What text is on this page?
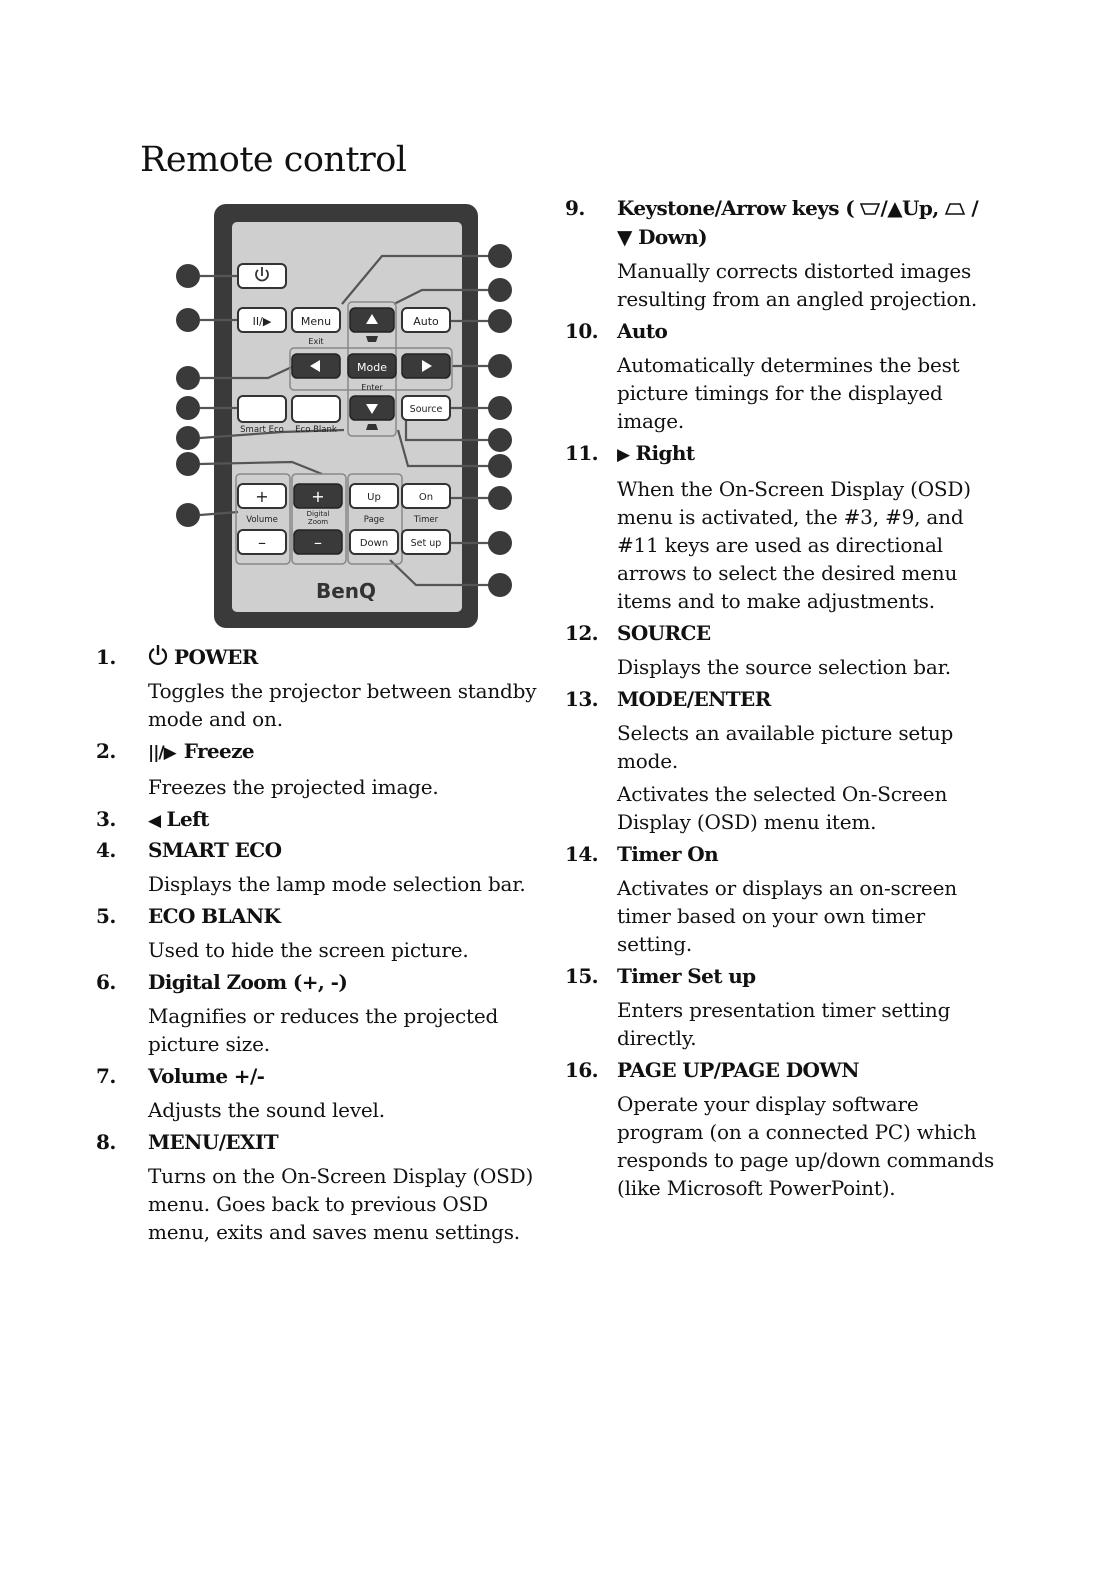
Remote control
II/▶	Menu
Exit
Auto
Mode
Enter
Smart Eco Eco Blank
Source
+
Volume
–
+
Digital
Zoom
–
Up
Page
Down
On
Timer
Set up
BenQ
1.	POWER

Toggles the projector between standby mode and on.

2.	||/▶ Freeze

Freezes the projected image.

3.	◀ Left
4.	SMART ECO

Displays the lamp mode selection bar.

5.	ECO BLANK

Used to hide the screen picture.

6.	Digital Zoom (+, -)

Magnifies or reduces the projected picture size.

7.	Volume +/-

Adjusts the sound level.

8.	MENU/EXIT

Turns on the On-Screen Display (OSD) menu. Goes back to previous OSD menu, exits and saves menu settings.

9.	Keystone/Arrow keys ( /▲Up, /
▼ Down)

Manually corrects distorted images resulting from an angled projection.

10. Auto

Automatically determines the best picture timings for the displayed image.

11.	▶ Right

When the On-Screen Display (OSD) menu is activated, the #3, #9, and #11 keys are used as directional arrows to select the desired menu items and to make adjustments.

12. SOURCE

Displays the source selection bar.

13. MODE/ENTER

Selects an available picture setup mode.

Activates the selected On-Screen Display (OSD) menu item.

14. Timer On

Activates or displays an on-screen timer based on your own timer setting.

15. Timer Set up

Enters presentation timer setting directly.

16. PAGE UP/PAGE DOWN

Operate your display software program (on a connected PC) which responds to page up/down commands (like Microsoft PowerPoint).
